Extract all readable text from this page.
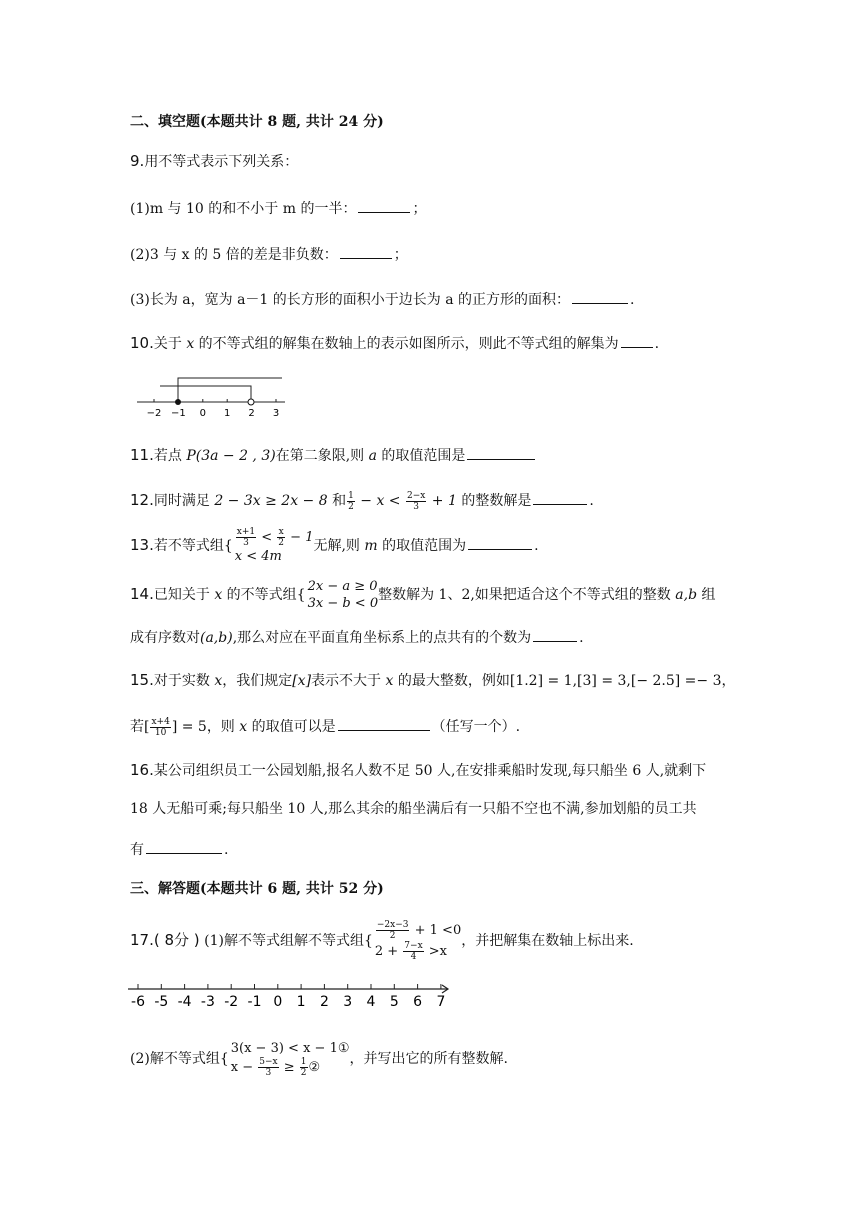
二、填空题(本题共计 8 题, 共计 24 分)
9.用不等式表示下列关系：
(1)m 与 10 的和不小于 m 的一半：	；
(2)3 与 x 的 5 倍的差是非负数：	；
(3)长为 a，宽为 a－1 的长方形的面积小于边长为 a 的正方形的面积：	.
10.关于 x 的不等式组的解集在数轴上的表示如图所示，则此不等式组的解集为	.
−2 −1 0 1 2 3
11.若点 P(3a − 2 , 3)在第二象限,则 a 的取值范围是
12.同时满足 2 − 3x ≥ 2x − 8 和 $\frac{1}{2} - x < \frac{2-x}{3} + 1$ 的整数解是	.
13.若不等式组{ $\frac{x+1}{3} < \frac{x}{2} - 1$
x < 4m
无解,则 m 的取值范围为	.
14.已知关于 x 的不等式组{
2x − a ≥ 0
3x − b < 0
整数解为 1、2,如果把适合这个不等式组的整数 a,b 组
成有序数对(a,b),那么对应在平面直角坐标系上的点共有的个数为	.
15.对于实数 x，我们规定[x]表示不大于 x 的最大整数，例如[1.2] = 1,[3] = 3,[− 2.5] =− 3，
若[ $\frac{x+4}{10}$ ] = 5，则 x 的取值可以是	（任写一个）.
16.某公司组织员工一公园划船,报名人数不足 50 人,在安排乘船时发现,每只船坐 6 人,就剩下
18 人无船可乘;每只船坐 10 人,那么其余的船坐满后有一只船不空也不满,参加划船的员工共
有	.
三、解答题(本题共计 6 题, 共计 52 分)
17.( 8分 ) (1)解不等式组解不等式组{ $\frac{-2x-3}{2} + 1 <0$
$2 + \frac{7-x}{4} >x$
，并把解集在数轴上标出来.
-6 -5 -4 -3 -2 -1 0 1 2 3 4 5 6 7
(2)解不等式组{
3(x − 3) < x − 1①
$x - \frac{5-x}{3} \ge \frac{1}{2}$ ②
，并写出它的所有整数解.
